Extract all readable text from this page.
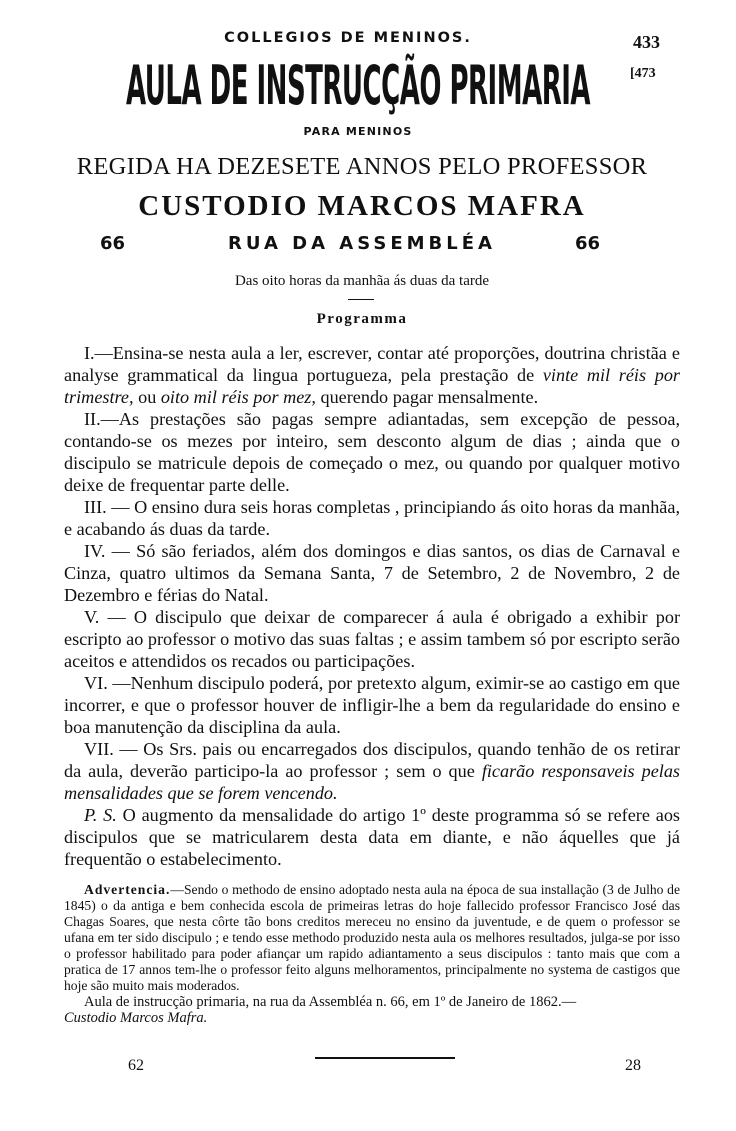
COLLEGIOS DE MENINOS.	433
[473
AULA DE INSTRUCÇÃO PRIMARIA
PARA MENINOS
REGIDA HA DEZESETE ANNOS PELO PROFESSOR
CUSTODIO MARCOS MAFRA
66	RUA DA ASSEMBLÉA	66
Das oito horas da manhãa ás duas da tarde
Programma

I.—Ensina-se nesta aula a ler, escrever, contar até proporções, doutrina christãa e analyse grammatical da lingua portugueza, pela prestação de vinte mil réis por trimestre, ou oito mil réis por mez, querendo pagar mensalmente.

II.—As prestações são pagas sempre adiantadas, sem excepção de pessoa, contando-se os mezes por inteiro, sem desconto algum de dias ; ainda que o discipulo se matricule depois de começado o mez, ou quando por qualquer motivo deixe de frequentar parte delle.

III. — O ensino dura seis horas completas , principiando ás oito horas da manhãa, e acabando ás duas da tarde.

IV. — Só são feriados, além dos domingos e dias santos, os dias de Carnaval e Cinza, quatro ultimos da Semana Santa, 7 de Setembro, 2 de Novembro, 2 de Dezembro e férias do Natal.

V. — O discipulo que deixar de comparecer á aula é obrigado a exhibir por escripto ao professor o motivo das suas faltas ; e assim tambem só por escripto serão aceitos e attendidos os recados ou participações.

VI. —Nenhum discipulo poderá, por pretexto algum, eximir-se ao castigo em que incorrer, e que o professor houver de infligir-lhe a bem da regularidade do ensino e boa manutenção da disciplina da aula.

VII. — Os Srs. pais ou encarregados dos discipulos, quando tenhão de os retirar da aula, deverão participo-la ao professor ; sem o que ficarão responsaveis pelas mensalidades que se forem vencendo.

P. S. O augmento da mensalidade do artigo 1º deste programma só se refere aos discipulos que se matricularem desta data em diante, e não áquelles que já frequentão o estabelecimento.

Advertencia.—Sendo o methodo de ensino adoptado nesta aula na época de sua installação (3 de Julho de 1845) o da antiga e bem conhecida escola de primeiras letras do hoje fallecido professor Francisco José das Chagas Soares, que nesta côrte tão bons creditos mereceu no ensino da juventude, e de quem o professor se ufana em ter sido discipulo ; e tendo esse methodo produzido nesta aula os melhores resultados, julga-se por isso o professor habilitado para poder afiançar um rapido adiantamento a seus discipulos : tanto mais que com a pratica de 17 annos tem-lhe o professor feito alguns melhoramentos, principalmente no systema de castigos que hoje são muito mais moderados.

Aula de instrucção primaria, na rua da Assembléa n. 66, em 1º de Janeiro de 1862.—

Custodio Marcos Mafra.

62	28
